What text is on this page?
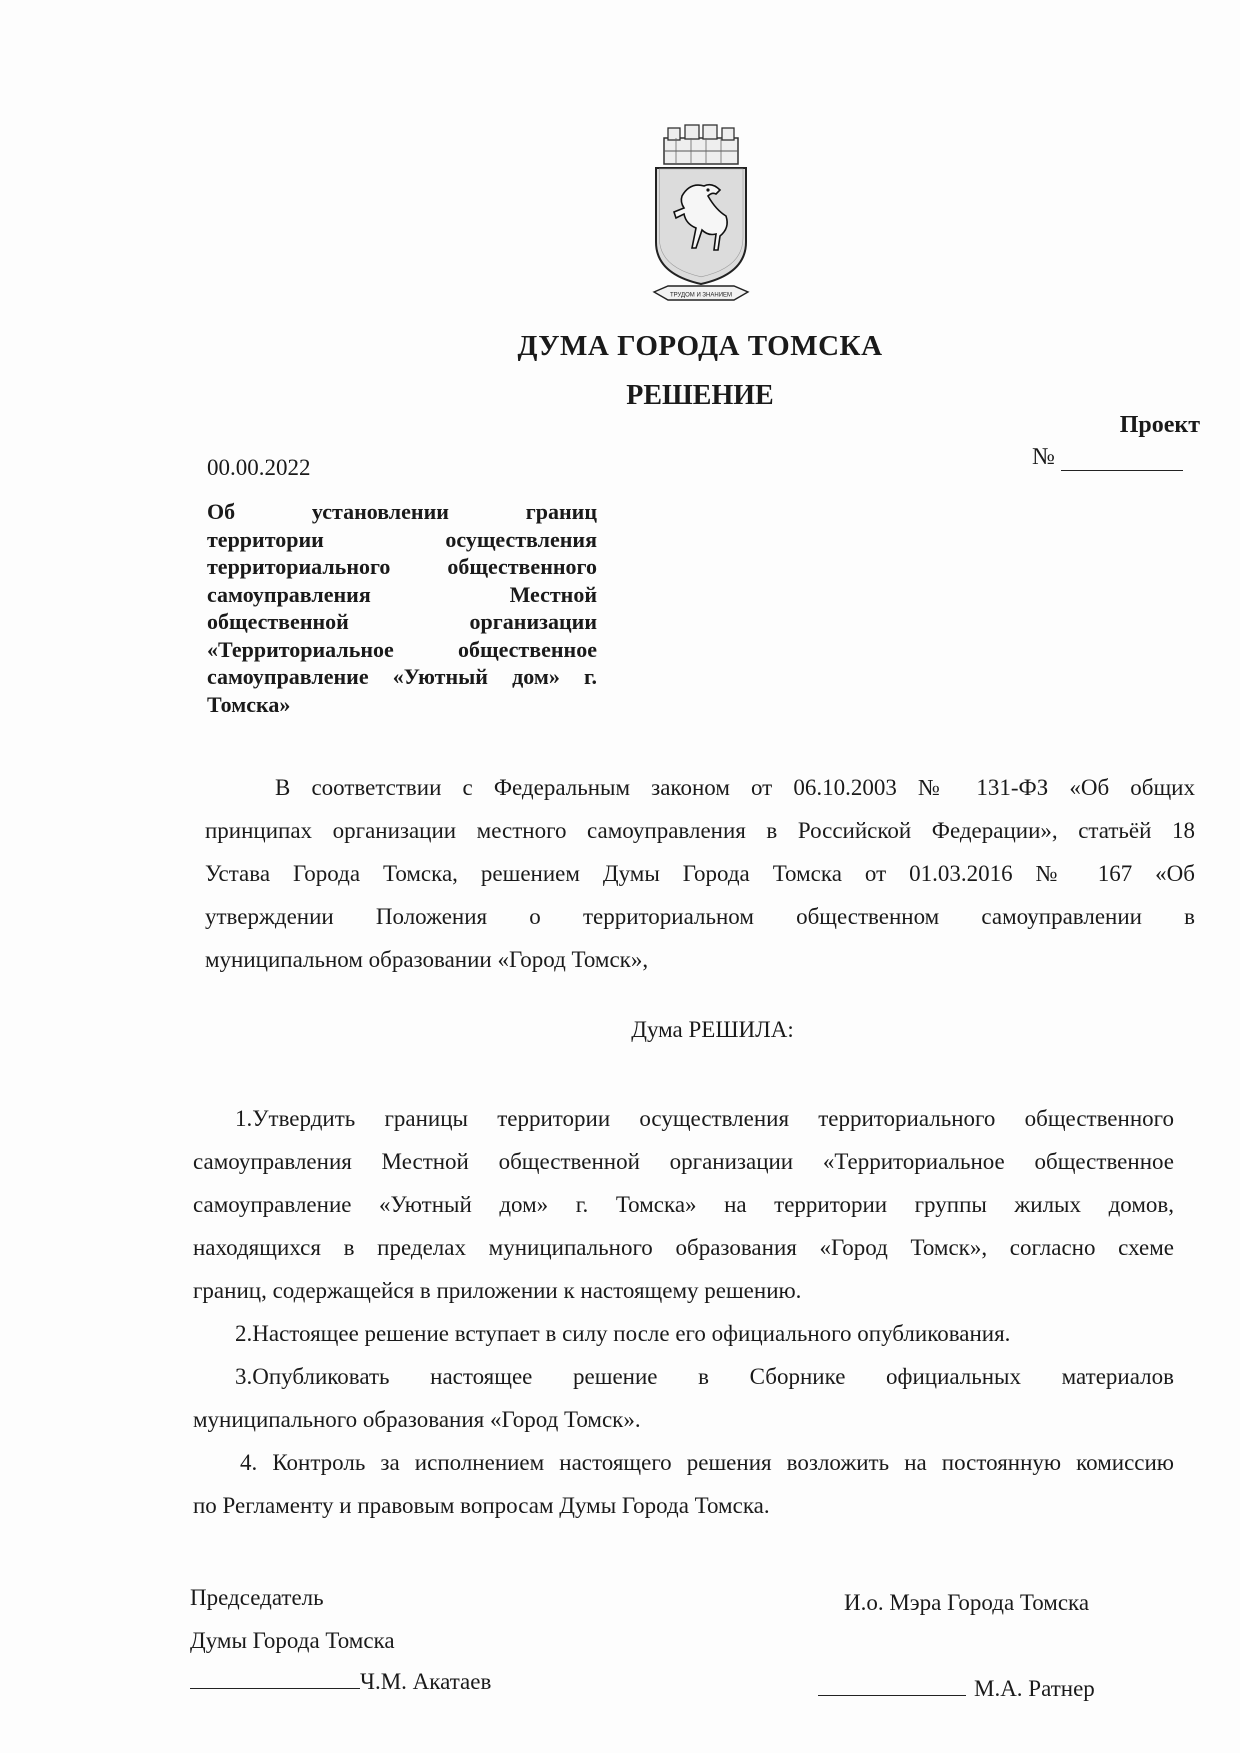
ТРУДОМ И ЗНАНИЕМ
ДУМА ГОРОДА ТОМСКА
РЕШЕНИЕ
Проект
№
00.00.2022
Об установлении границ
территории осуществления
территориального общественного
самоуправления Местной
общественной организации
«Территориальное общественное
самоуправление «Уютный дом» г.
Томска»
В соответствии с Федеральным законом от 06.10.2003 № 131-ФЗ «Об общих
принципах организации местного самоуправления в Российской Федерации», статьёй 18
Устава Города Томска, решением Думы Города Томска от 01.03.2016 № 167 «Об
утверждении Положения о территориальном общественном самоуправлении в
муниципальном образовании «Город Томск»,
Дума РЕШИЛА:
1.Утвердить границы территории осуществления территориального общественного
самоуправления Местной общественной организации «Территориальное общественное
самоуправление «Уютный дом» г. Томска» на территории группы жилых домов,
находящихся в пределах муниципального образования «Город Томск», согласно схеме
границ, содержащейся в приложении к настоящему решению.
2.Настоящее решение вступает в силу после его официального опубликования.
3.Опубликовать настоящее решение в Сборнике официальных материалов
муниципального образования «Город Томск».
4. Контроль за исполнением настоящего решения возложить на постоянную комиссию
по Регламенту и правовым вопросам Думы Города Томска.
Председатель
Думы Города Томска
Ч.М. Акатаев
И.о. Мэра Города Томска
М.А. Ратнер
